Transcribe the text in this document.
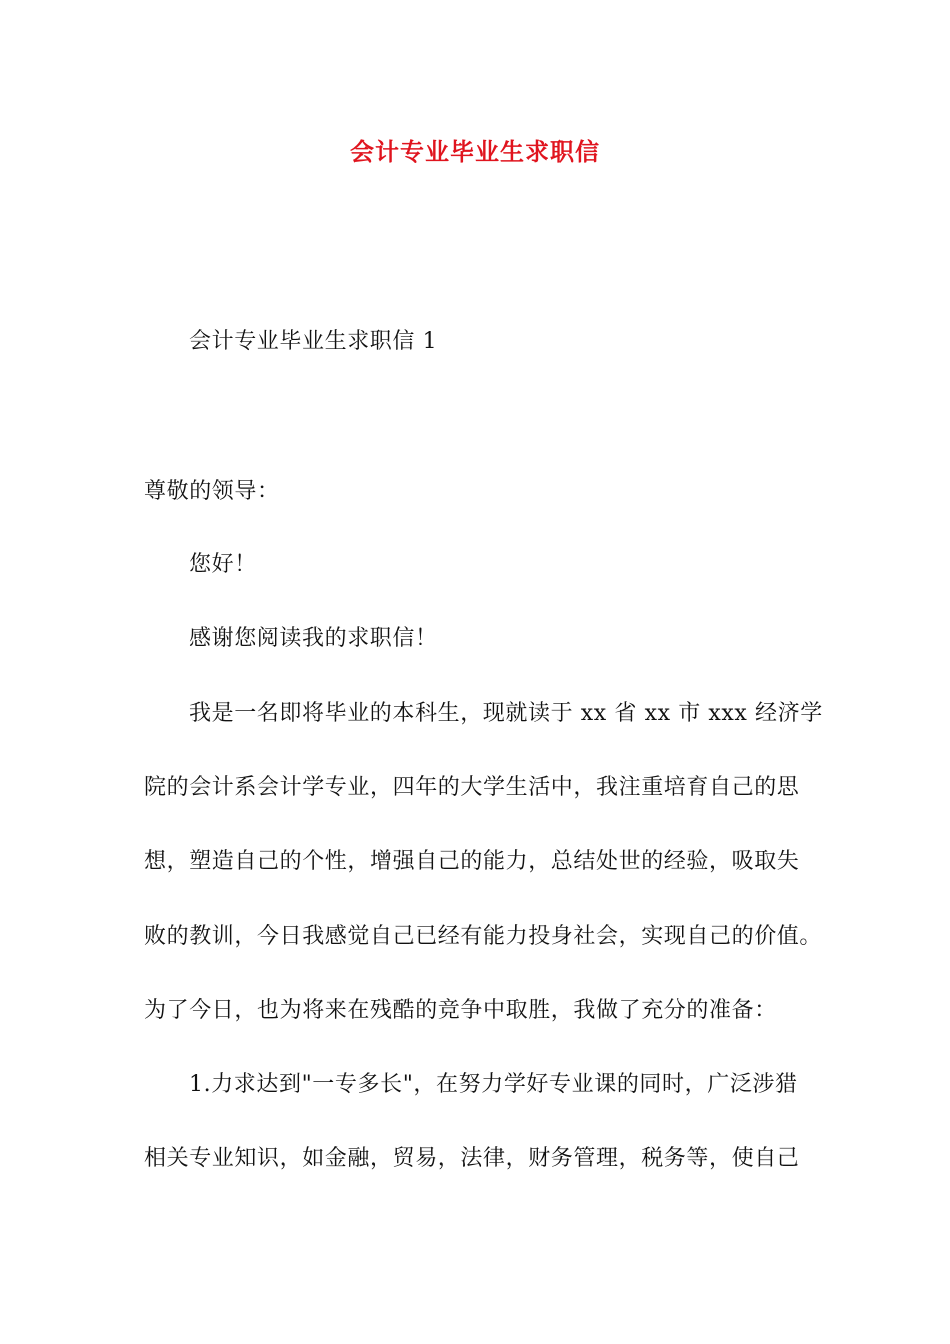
会计专业毕业生求职信
会计专业毕业生求职信 1
尊敬的领导：
您好！
感谢您阅读我的求职信！
我是一名即将毕业的本科生，现就读于 xx 省 xx 市 xxx 经济学
院的会计系会计学专业，四年的大学生活中，我注重培育自己的思
想，塑造自己的个性，增强自己的能力，总结处世的经验，吸取失
败的教训，今日我感觉自己已经有能力投身社会，实现自己的价值。
为了今日，也为将来在残酷的竞争中取胜，我做了充分的准备：
1.力求达到"一专多长"，在努力学好专业课的同时，广泛涉猎
相关专业知识，如金融，贸易，法律，财务管理，税务等，使自己
